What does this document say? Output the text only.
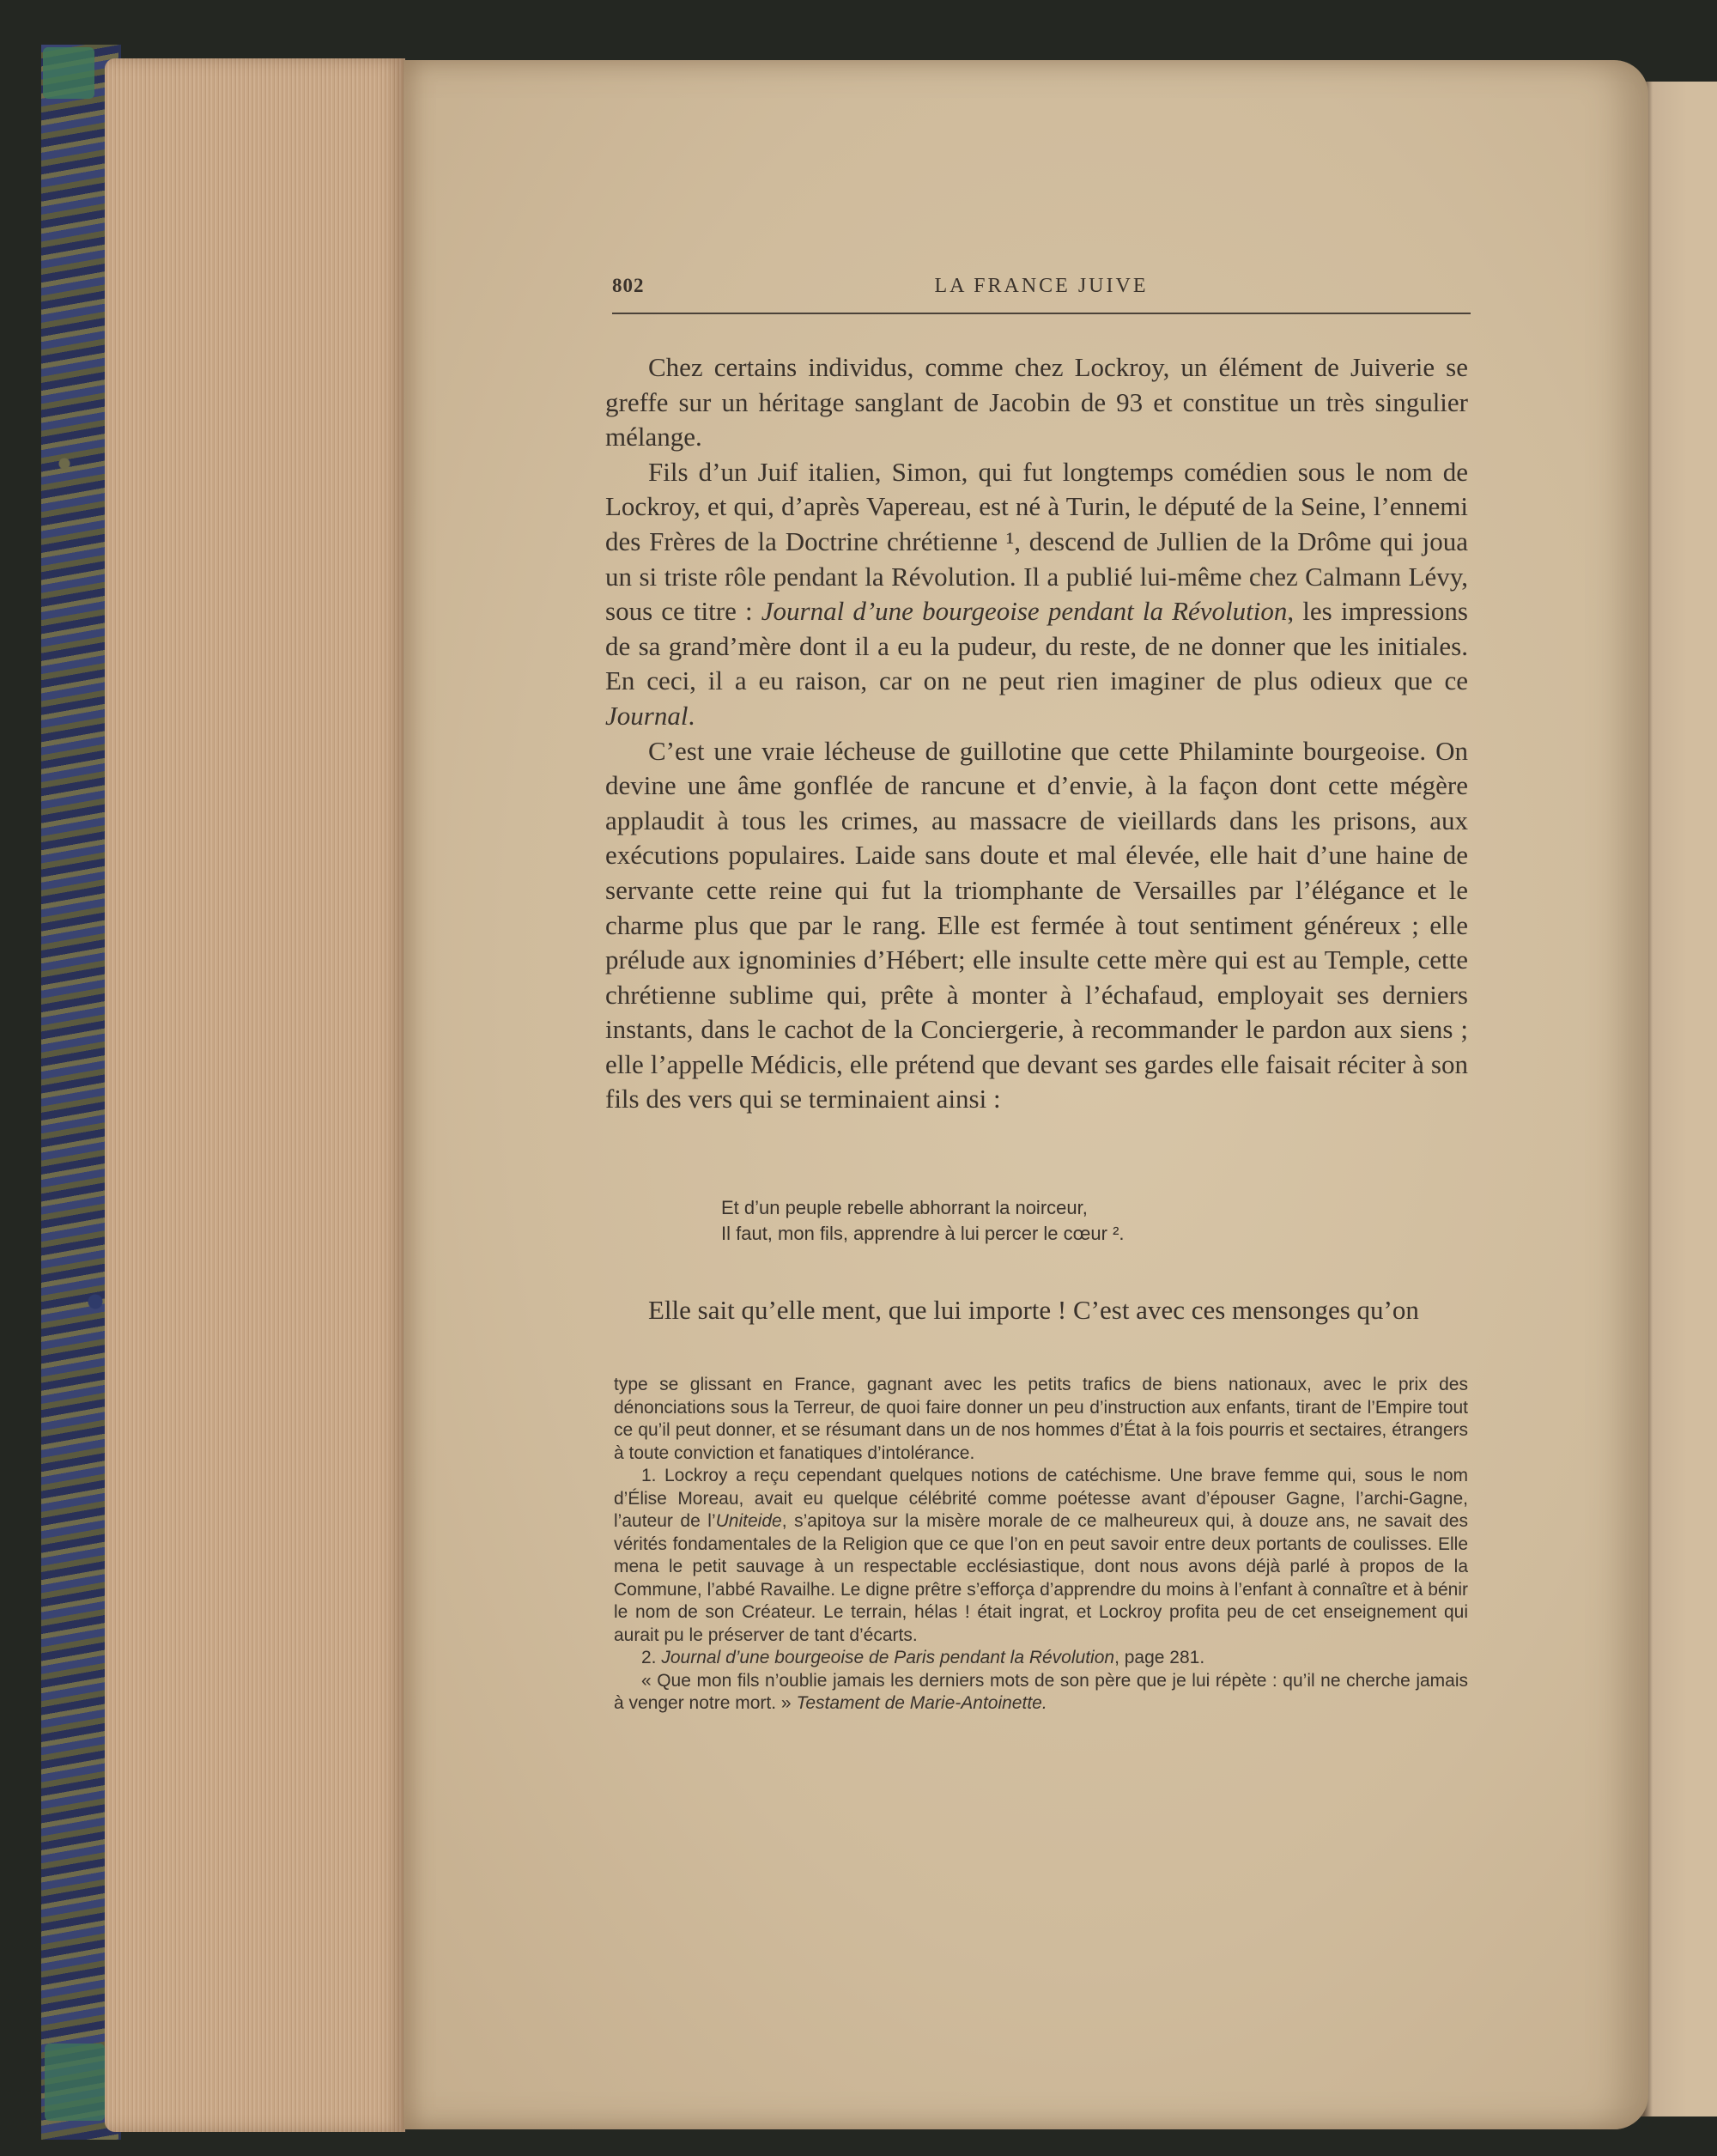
802	LA FRANCE JUIVE

Chez certains individus, comme chez Lockroy, un élément de Juiverie se greffe sur un héritage sanglant de Jacobin de 93 et constitue un très singulier mélange.

Fils d’un Juif italien, Simon, qui fut longtemps comédien sous le nom de Lockroy, et qui, d’après Vapereau, est né à Turin, le député de la Seine, l’ennemi des Frères de la Doctrine chrétienne ¹, descend de Jullien de la Drôme qui joua un si triste rôle pendant la Révolution. Il a publié lui-même chez Calmann Lévy, sous ce titre : Journal d’une bourgeoise pendant la Révolution, les impressions de sa grand’mère dont il a eu la pudeur, du reste, de ne donner que les initiales. En ceci, il a eu raison, car on ne peut rien imaginer de plus odieux que ce Journal.

C’est une vraie lécheuse de guillotine que cette Philaminte bourgeoise. On devine une âme gonflée de rancune et d’envie, à la façon dont cette mégère applaudit à tous les crimes, au massacre de vieillards dans les prisons, aux exécutions populaires. Laide sans doute et mal élevée, elle hait d’une haine de servante cette reine qui fut la triomphante de Versailles par l’élégance et le charme plus que par le rang. Elle est fermée à tout sentiment généreux ; elle prélude aux ignominies d’Hébert; elle insulte cette mère qui est au Temple, cette chrétienne sublime qui, prête à monter à l’échafaud, employait ses derniers instants, dans le cachot de la Conciergerie, à recommander le pardon aux siens ; elle l’appelle Médicis, elle prétend que devant ses gardes elle faisait réciter à son fils des vers qui se terminaient ainsi :

Et d’un peuple rebelle abhorrant la noirceur,
Il faut, mon fils, apprendre à lui percer le cœur ².
Elle sait qu’elle ment, que lui importe ! C’est avec ces mensonges qu’on

type se glissant en France, gagnant avec les petits trafics de biens nationaux, avec le prix des dénonciations sous la Terreur, de quoi faire donner un peu d’instruction aux enfants, tirant de l’Empire tout ce qu’il peut donner, et se résumant dans un de nos hommes d’État à la fois pourris et sectaires, étrangers à toute conviction et fanatiques d’intolérance.

1. Lockroy a reçu cependant quelques notions de catéchisme. Une brave femme qui, sous le nom d’Élise Moreau, avait eu quelque célébrité comme poétesse avant d’épouser Gagne, l’archi-Gagne, l’auteur de l’Uniteide, s’apitoya sur la misère morale de ce malheureux qui, à douze ans, ne savait des vérités fondamentales de la Religion que ce que l’on en peut savoir entre deux portants de coulisses. Elle mena le petit sauvage à un respectable ecclésiastique, dont nous avons déjà parlé à propos de la Commune, l’abbé Ravailhe. Le digne prêtre s’efforça d’apprendre du moins à l’enfant à connaître et à bénir le nom de son Créateur. Le terrain, hélas ! était ingrat, et Lockroy profita peu de cet enseignement qui aurait pu le préserver de tant d’écarts.

2. Journal d’une bourgeoise de Paris pendant la Révolution, page 281.

« Que mon fils n’oublie jamais les derniers mots de son père que je lui répète : qu’il ne cherche jamais à venger notre mort. » Testament de Marie-Antoinette.
